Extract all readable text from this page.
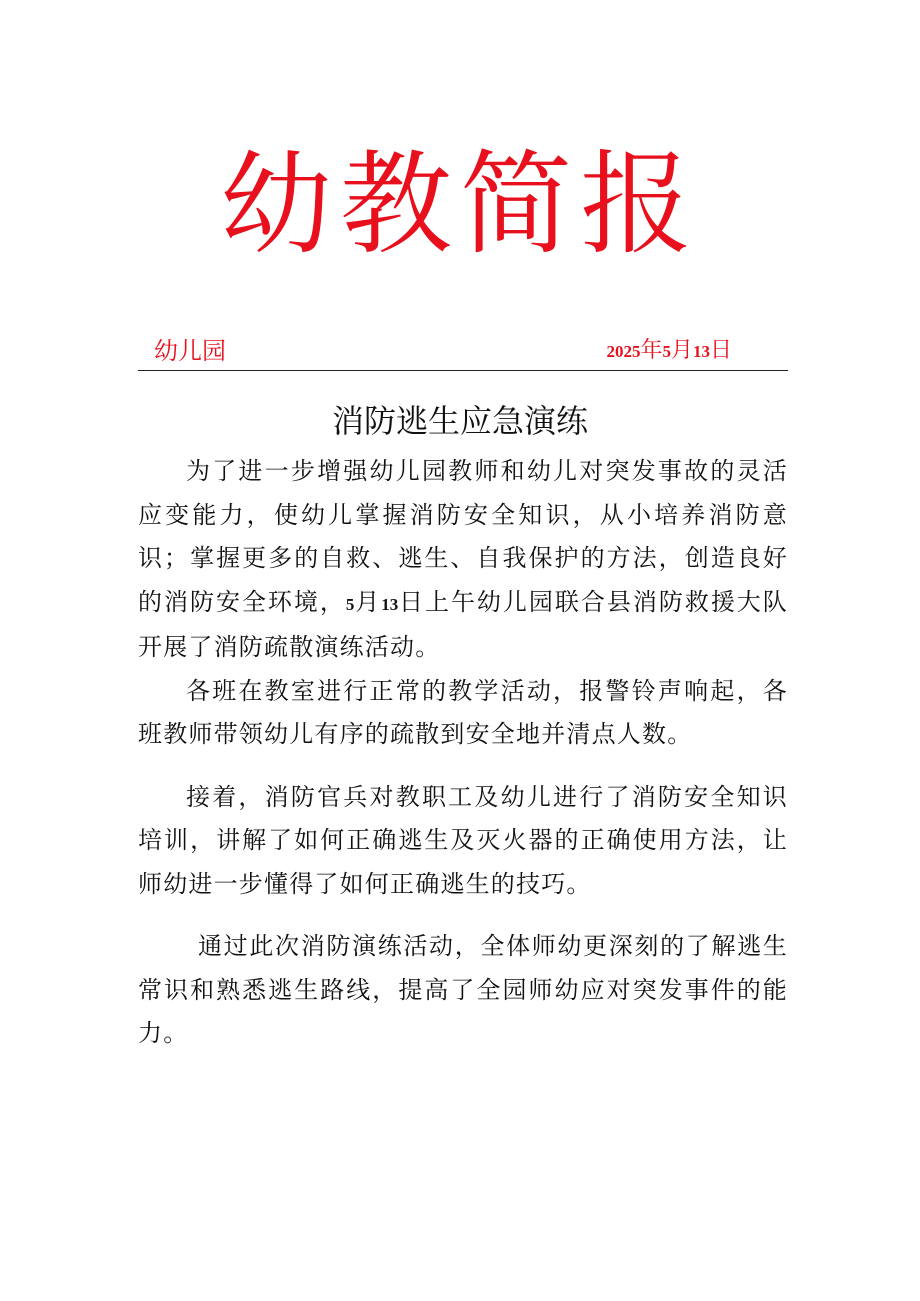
幼教简报
幼儿园	2025年5月13日
消防逃生应急演练

为了进一步增强幼儿园教师和幼儿对突发事故的灵活应变能力，使幼儿掌握消防安全知识，从小培养消防意识；掌握更多的自救、逃生、自我保护的方法，创造良好的消防安全环境，5月13日上午幼儿园联合县消防救援大队开展了消防疏散演练活动。

各班在教室进行正常的教学活动，报警铃声响起，各班教师带领幼儿有序的疏散到安全地并清点人数。

接着，消防官兵对教职工及幼儿进行了消防安全知识培训，讲解了如何正确逃生及灭火器的正确使用方法，让师幼进一步懂得了如何正确逃生的技巧。

通过此次消防演练活动，全体师幼更深刻的了解逃生常识和熟悉逃生路线，提高了全园师幼应对突发事件的能力。
